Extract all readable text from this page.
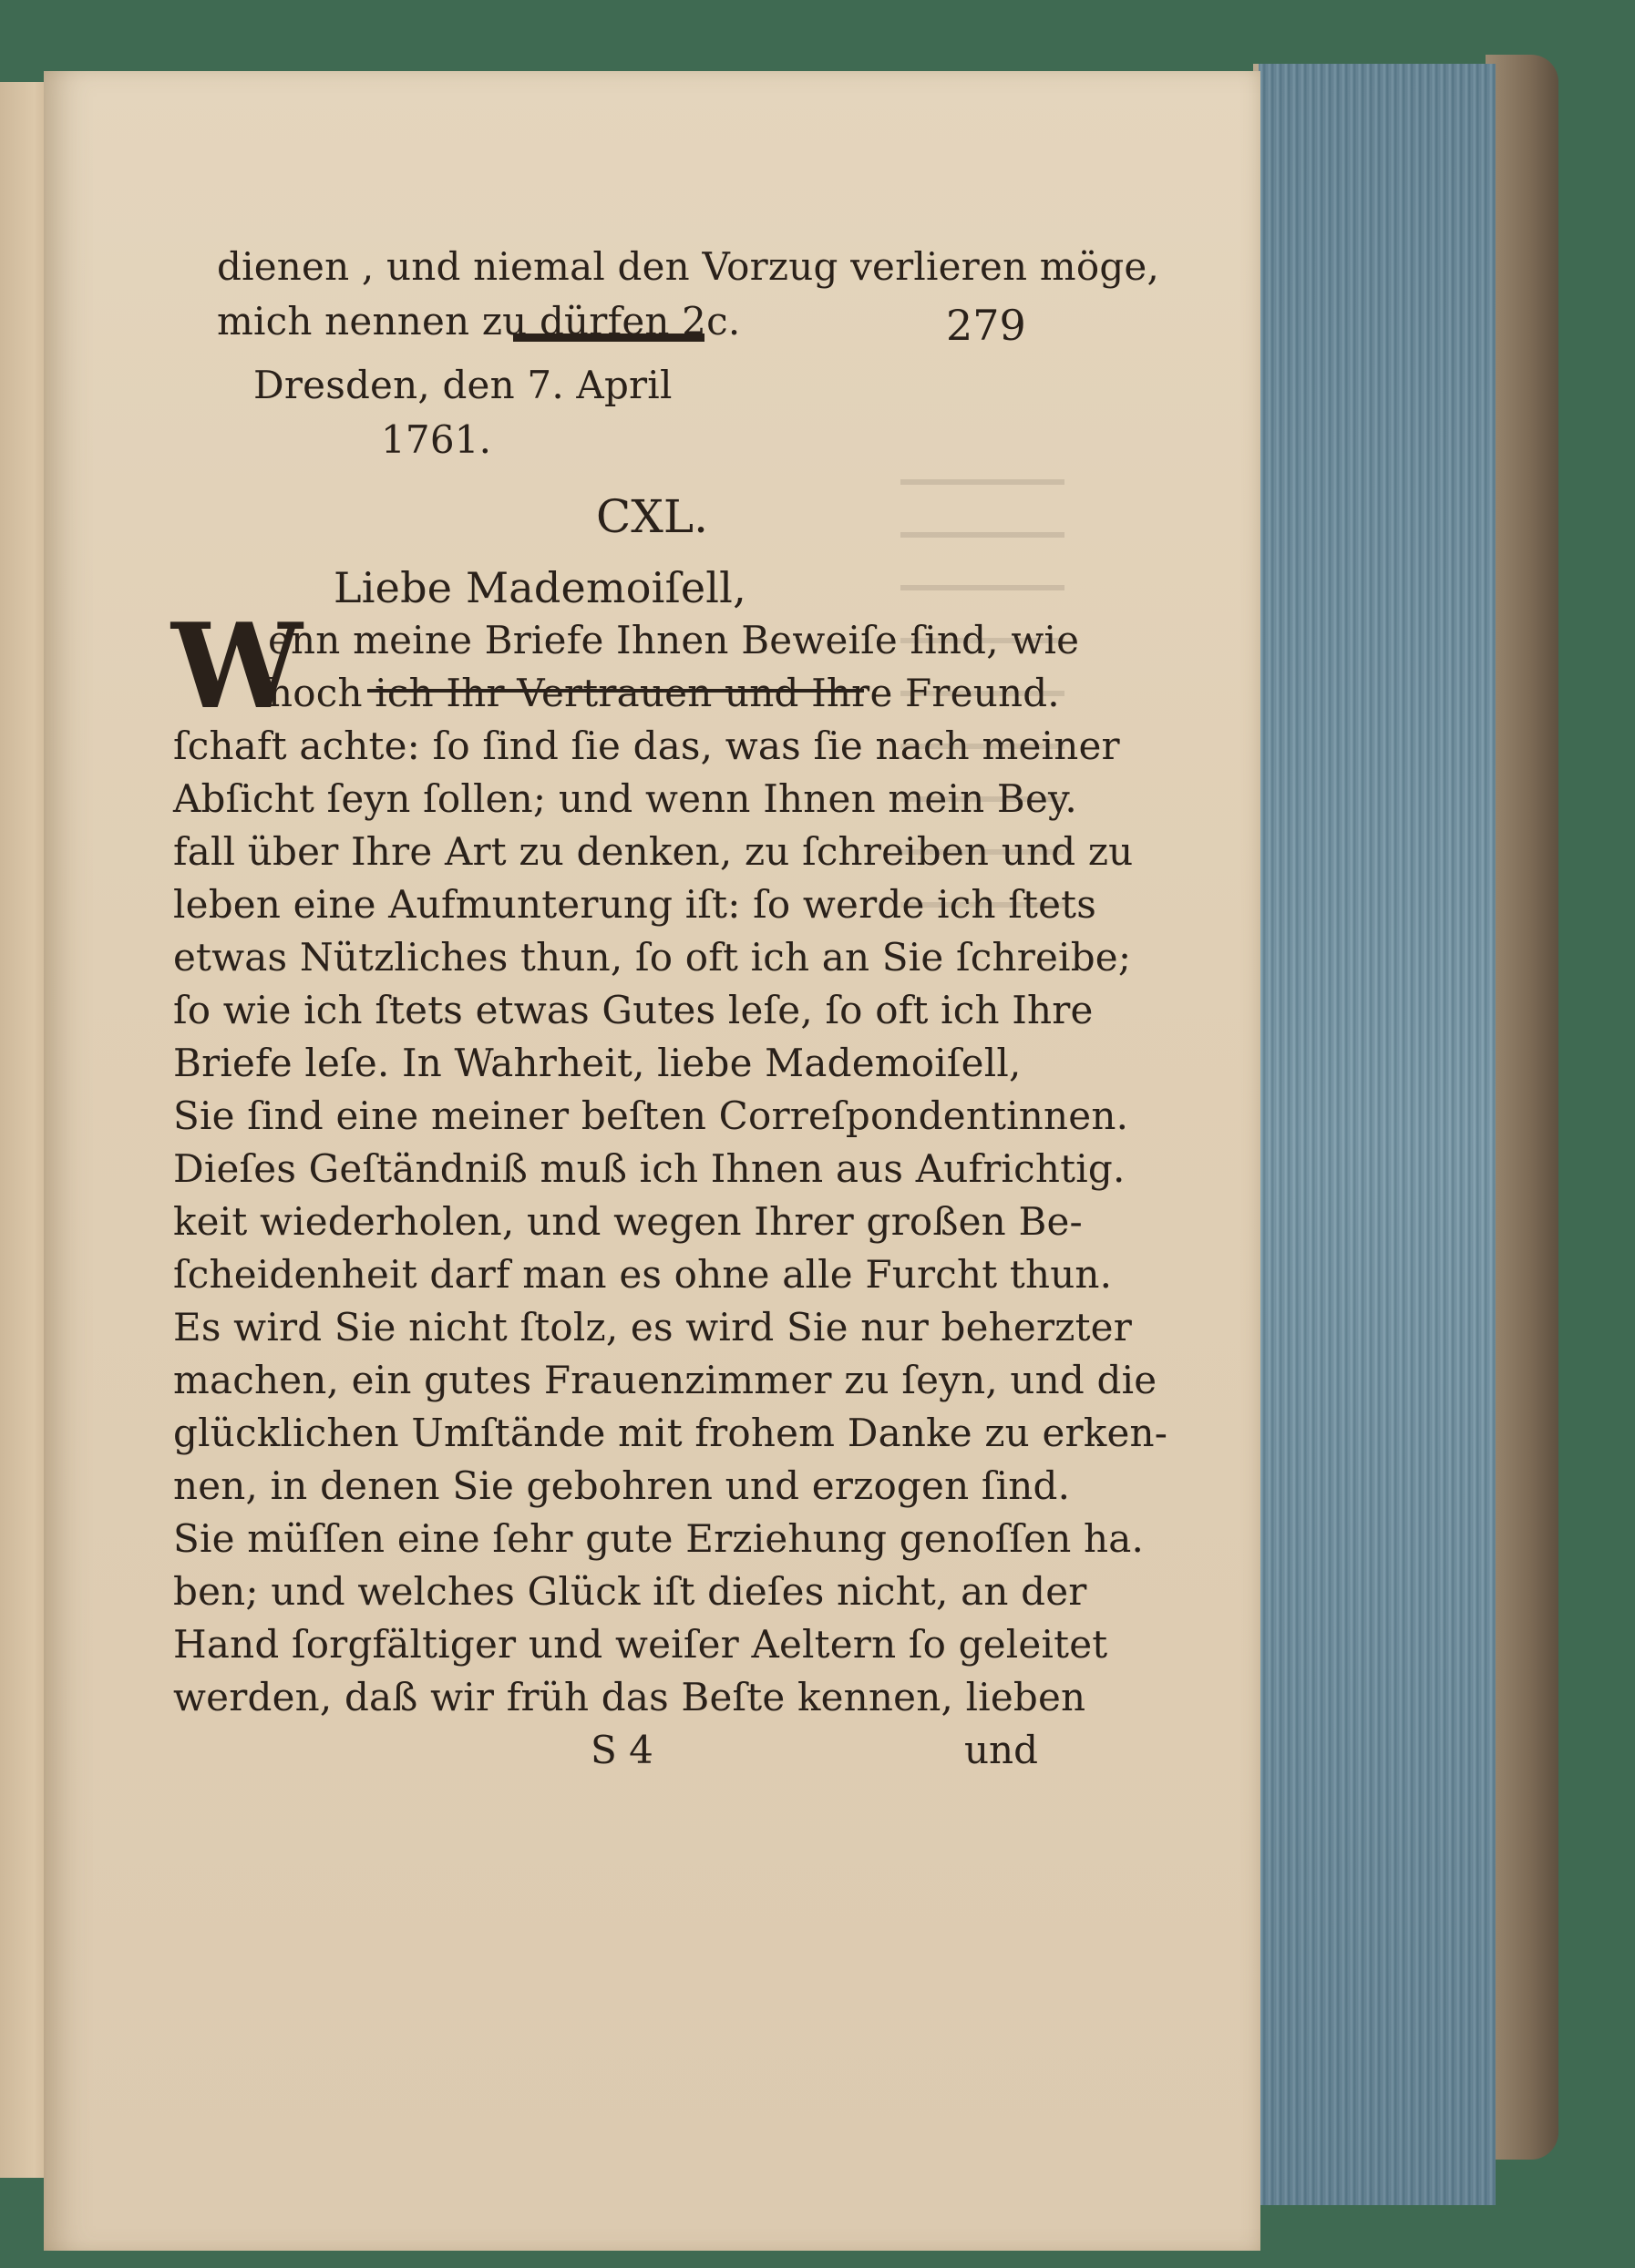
279
dienen , und niemal den Vorzug verlieren möge,
mich nennen zu dürfen 2c.
Dresden, den 7. April
1761.
CXL.
Liebe Mademoiſell,
W
enn meine Briefe Ihnen Beweiſe ſind, wie
hoch ich Ihr Vertrauen und Ihre Freund.
ſchaft achte: ſo ſind ſie das, was ſie nach meiner
Abſicht ſeyn ſollen; und wenn Ihnen mein Bey.
fall über Ihre Art zu denken, zu ſchreiben und zu
leben eine Aufmunterung iſt: ſo werde ich ſtets
etwas Nützliches thun, ſo oft ich an Sie ſchreibe;
ſo wie ich ſtets etwas Gutes leſe, ſo oft ich Ihre
Briefe leſe. In Wahrheit, liebe Mademoiſell,
Sie ſind eine meiner beſten Correſpondentinnen.
Dieſes Geſtändniß muß ich Ihnen aus Aufrichtig.
keit wiederholen, und wegen Ihrer großen Be-
ſcheidenheit darf man es ohne alle Furcht thun.
Es wird Sie nicht ſtolz, es wird Sie nur beherzter
machen, ein gutes Frauenzimmer zu ſeyn, und die
glücklichen Umſtände mit frohem Danke zu erken-
nen, in denen Sie gebohren und erzogen ſind.
Sie müſſen eine ſehr gute Erziehung genoſſen ha.
ben; und welches Glück iſt dieſes nicht, an der
Hand ſorgfältiger und weiſer Aeltern ſo geleitet
werden, daß wir früh das Beſte kennen, lieben
S 4	und
